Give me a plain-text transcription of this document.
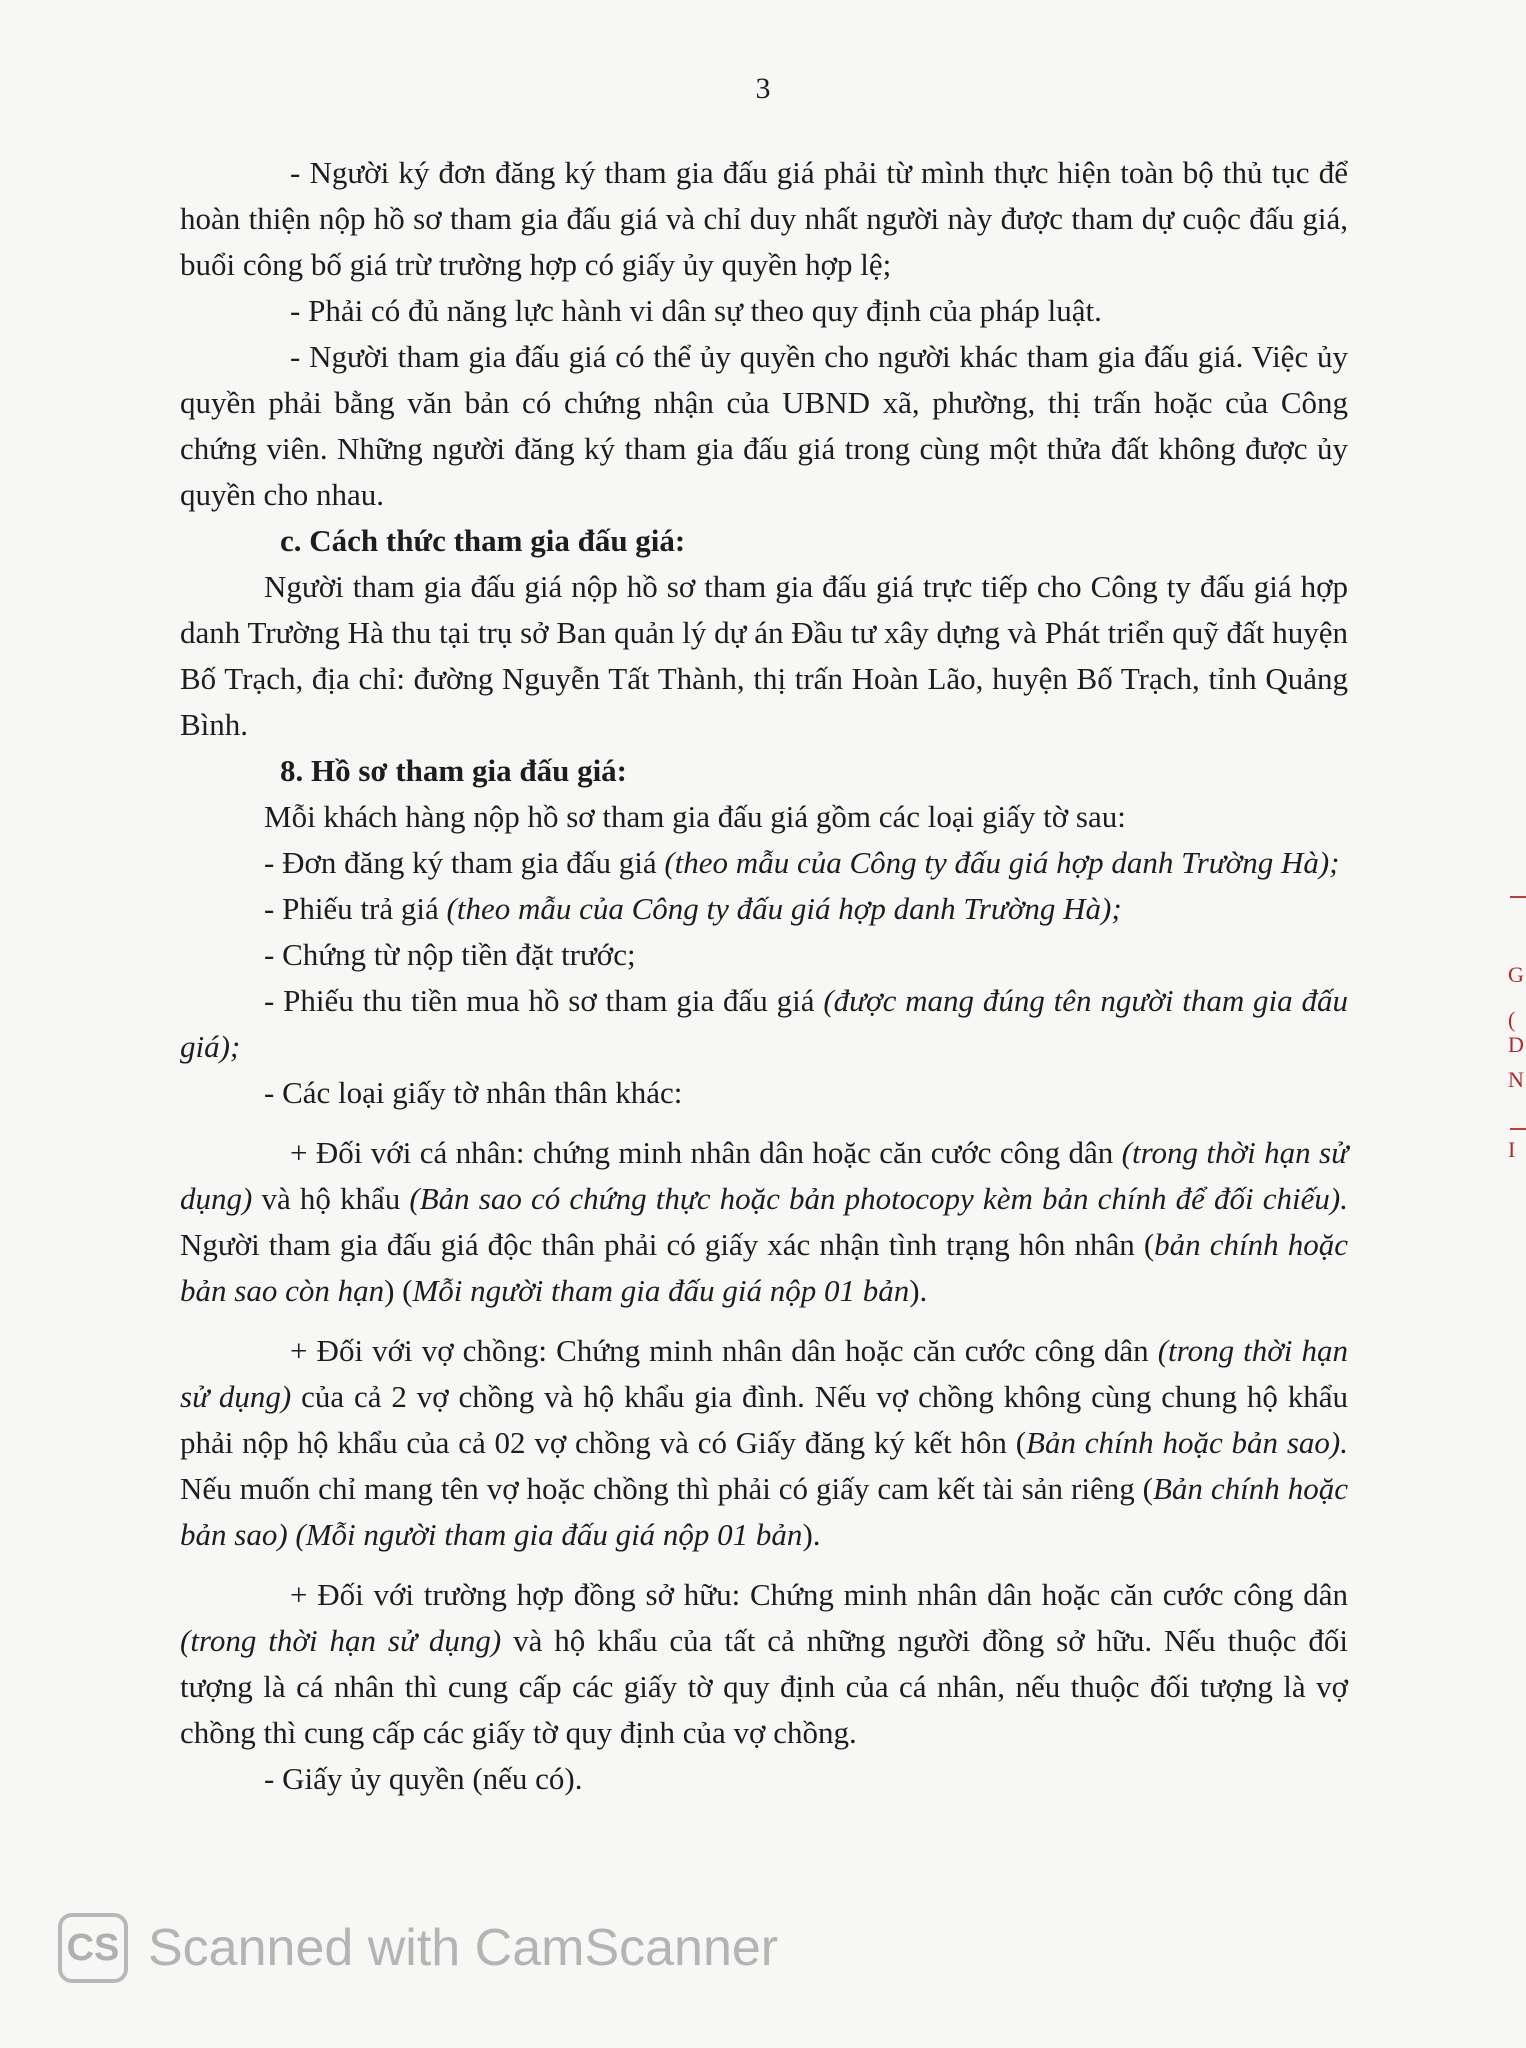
3

- Người ký đơn đăng ký tham gia đấu giá phải từ mình thực hiện toàn bộ thủ tục để hoàn thiện nộp hồ sơ tham gia đấu giá và chỉ duy nhất người này được tham dự cuộc đấu giá, buổi công bố giá trừ trường hợp có giấy ủy quyền hợp lệ;

- Phải có đủ năng lực hành vi dân sự theo quy định của pháp luật.

- Người tham gia đấu giá có thể ủy quyền cho người khác tham gia đấu giá. Việc ủy quyền phải bằng văn bản có chứng nhận của UBND xã, phường, thị trấn hoặc của Công chứng viên. Những người đăng ký tham gia đấu giá trong cùng một thửa đất không được ủy quyền cho nhau.

c. Cách thức tham gia đấu giá:

Người tham gia đấu giá nộp hồ sơ tham gia đấu giá trực tiếp cho Công ty đấu giá hợp danh Trường Hà thu tại trụ sở Ban quản lý dự án Đầu tư xây dựng và Phát triển quỹ đất huyện Bố Trạch, địa chỉ: đường Nguyễn Tất Thành, thị trấn Hoàn Lão, huyện Bố Trạch, tỉnh Quảng Bình.

8. Hồ sơ tham gia đấu giá:

Mỗi khách hàng nộp hồ sơ tham gia đấu giá gồm các loại giấy tờ sau:

- Đơn đăng ký tham gia đấu giá (theo mẫu của Công ty đấu giá hợp danh Trường Hà);

- Phiếu trả giá (theo mẫu của Công ty đấu giá hợp danh Trường Hà);

- Chứng từ nộp tiền đặt trước;

- Phiếu thu tiền mua hồ sơ tham gia đấu giá (được mang đúng tên người tham gia đấu giá);

- Các loại giấy tờ nhân thân khác:

+ Đối với cá nhân: chứng minh nhân dân hoặc căn cước công dân (trong thời hạn sử dụng) và hộ khẩu (Bản sao có chứng thực hoặc bản photocopy kèm bản chính để đối chiếu). Người tham gia đấu giá độc thân phải có giấy xác nhận tình trạng hôn nhân (bản chính hoặc bản sao còn hạn) (Mỗi người tham gia đấu giá nộp 01 bản).

+ Đối với vợ chồng: Chứng minh nhân dân hoặc căn cước công dân (trong thời hạn sử dụng) của cả 2 vợ chồng và hộ khẩu gia đình. Nếu vợ chồng không cùng chung hộ khẩu phải nộp hộ khẩu của cả 02 vợ chồng và có Giấy đăng ký kết hôn (Bản chính hoặc bản sao). Nếu muốn chỉ mang tên vợ hoặc chồng thì phải có giấy cam kết tài sản riêng (Bản chính hoặc bản sao) (Mỗi người tham gia đấu giá nộp 01 bản).

+ Đối với trường hợp đồng sở hữu: Chứng minh nhân dân hoặc căn cước công dân (trong thời hạn sử dụng) và hộ khẩu của tất cả những người đồng sở hữu. Nếu thuộc đối tượng là cá nhân thì cung cấp các giấy tờ quy định của cá nhân, nếu thuộc đối tượng là vợ chồng thì cung cấp các giấy tờ quy định của vợ chồng.

- Giấy ủy quyền (nếu có).

G
(
D
N
I
CS Scanned with CamScanner
